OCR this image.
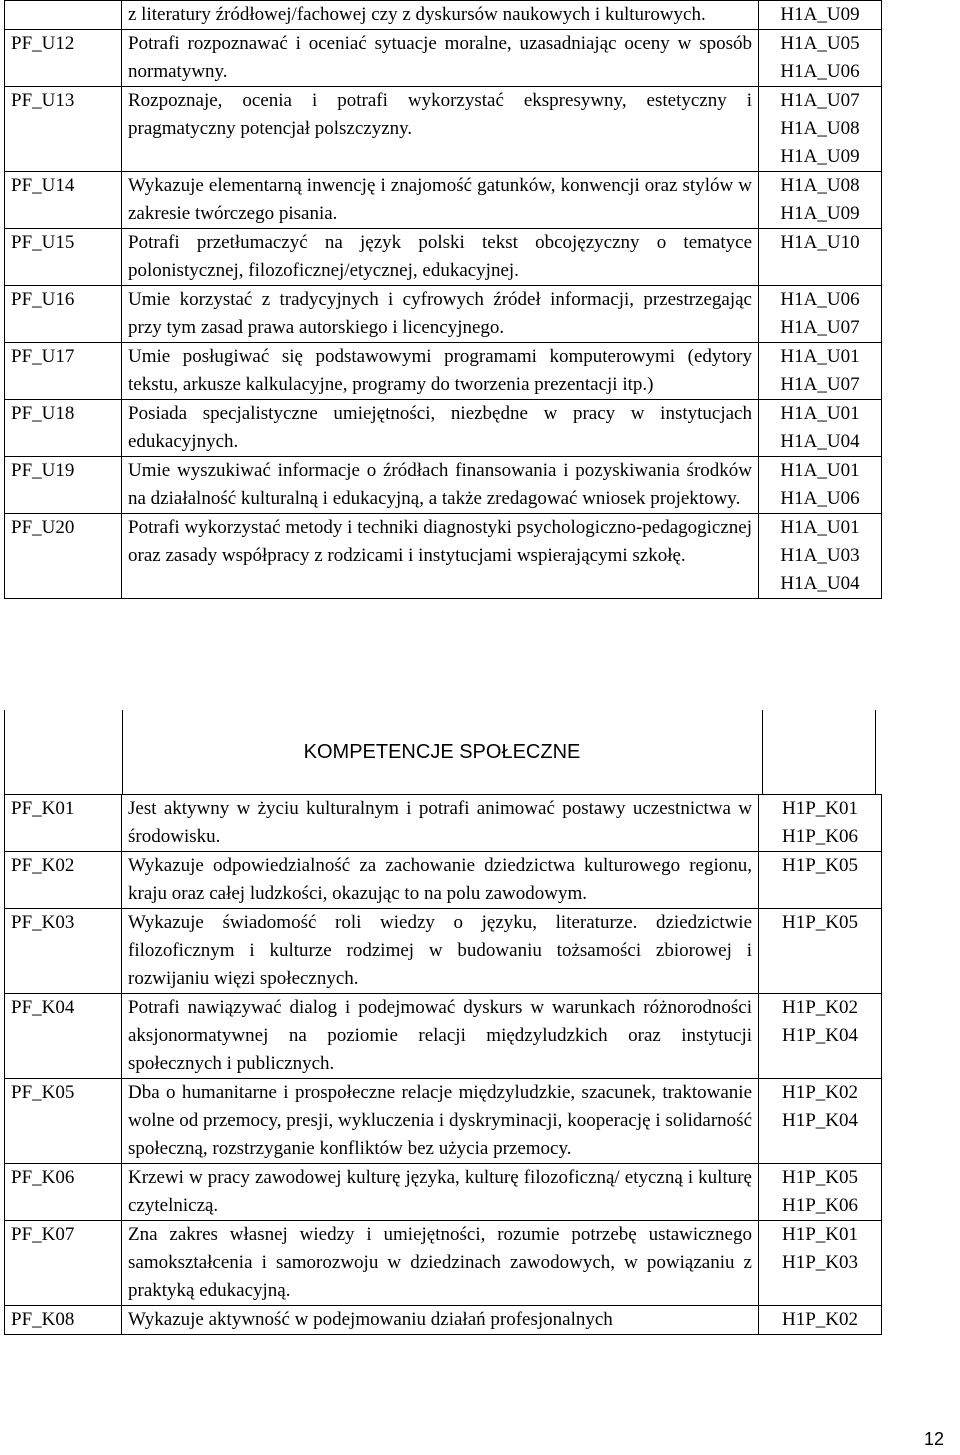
	z literatury źródłowej/fachowej czy z dyskursów naukowych i kulturowych.	H1A_U09

PF_U12	Potrafi rozpoznawać i oceniać sytuacje moralne, uzasadniając oceny w sposób normatywny.	H1A_U05
H1A_U06

PF_U13	Rozpoznaje, ocenia i potrafi wykorzystać ekspresywny, estetyczny i pragmatyczny potencjał polszczyzny.	H1A_U07
H1A_U08
H1A_U09

PF_U14	Wykazuje elementarną inwencję i znajomość gatunków, konwencji oraz stylów w zakresie twórczego pisania.	H1A_U08
H1A_U09

PF_U15	Potrafi przetłumaczyć na język polski tekst obcojęzyczny o tematyce polonistycznej, filozoficznej/etycznej, edukacyjnej.	H1A_U10

PF_U16	Umie korzystać z tradycyjnych i cyfrowych źródeł informacji, przestrzegając przy tym zasad prawa autorskiego i licencyjnego.	H1A_U06
H1A_U07

PF_U17	Umie posługiwać się podstawowymi programami komputerowymi (edytory tekstu, arkusze kalkulacyjne, programy do tworzenia prezentacji itp.)	H1A_U01
H1A_U07

PF_U18	Posiada specjalistyczne umiejętności, niezbędne w pracy w instytucjach edukacyjnych.	H1A_U01
H1A_U04

PF_U19	Umie wyszukiwać informacje o źródłach finansowania i pozyskiwania środków na działalność kulturalną i edukacyjną, a także zredagować wniosek projektowy.	H1A_U01
H1A_U06

PF_U20	Potrafi wykorzystać metody i techniki diagnostyki psychologiczno-pedagogicznej oraz zasady współpracy z rodzicami i instytucjami wspierającymi szkołę.	H1A_U01
H1A_U03
H1A_U04
KOMPETENCJE SPOŁECZNE
PF_K01	Jest aktywny w życiu kulturalnym i potrafi animować postawy uczestnictwa w środowisku.	H1P_K01
H1P_K06

PF_K02	Wykazuje odpowiedzialność za zachowanie dziedzictwa kulturowego regionu, kraju oraz całej ludzkości, okazując to na polu zawodowym.	H1P_K05

PF_K03	Wykazuje świadomość roli wiedzy o języku, literaturze. dziedzictwie filozoficznym i kulturze rodzimej w budowaniu tożsamości zbiorowej i rozwijaniu więzi społecznych.	H1P_K05

PF_K04	Potrafi nawiązywać dialog i podejmować dyskurs w warunkach różnorodności aksjonormatywnej na poziomie relacji międzyludzkich oraz instytucji społecznych i publicznych.	H1P_K02
H1P_K04

PF_K05	Dba o humanitarne i prospołeczne relacje międzyludzkie, szacunek, traktowanie wolne od przemocy, presji, wykluczenia i dyskryminacji, kooperację i solidarność społeczną, rozstrzyganie konfliktów bez użycia przemocy.	H1P_K02
H1P_K04

PF_K06	Krzewi w pracy zawodowej kulturę języka, kulturę filozoficzną/ etyczną i kulturę czytelniczą.	H1P_K05
H1P_K06

PF_K07	Zna zakres własnej wiedzy i umiejętności, rozumie potrzebę ustawicznego samokształcenia i samorozwoju w dziedzinach zawodowych, w powiązaniu z praktyką edukacyjną.	H1P_K01
H1P_K03

PF_K08	Wykazuje aktywność w podejmowaniu działań profesjonalnych	H1P_K02
12
